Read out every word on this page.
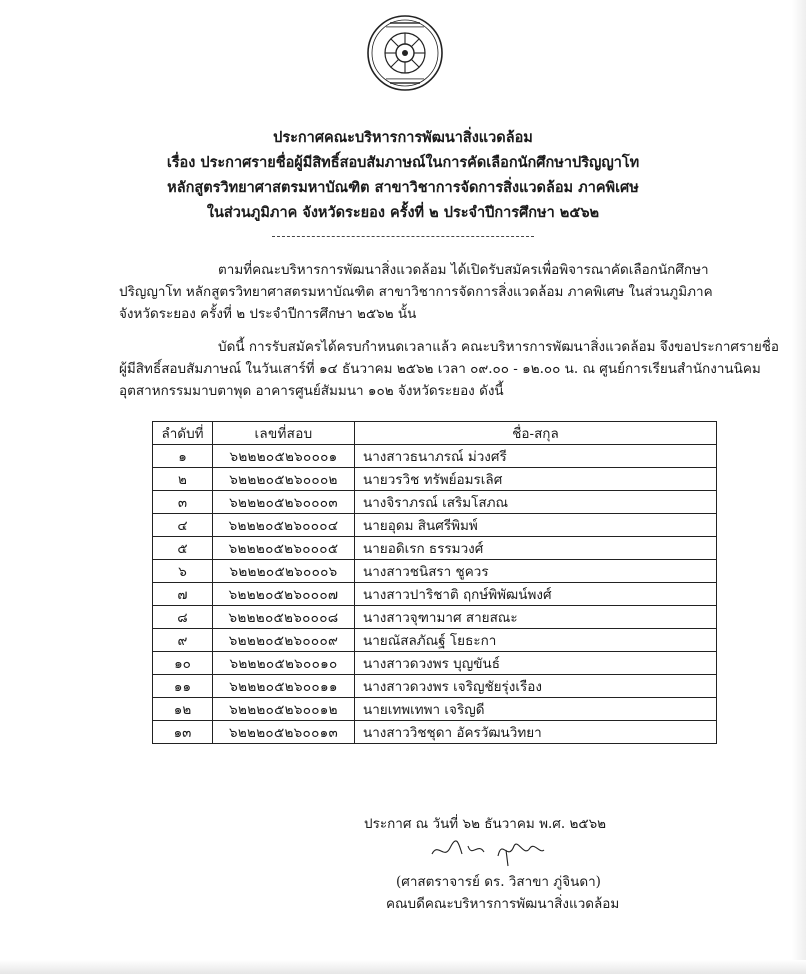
ประกาศคณะบริหารการพัฒนาสิ่งแวดล้อม
เรื่อง ประกาศรายชื่อผู้มีสิทธิ์สอบสัมภาษณ์ในการคัดเลือกนักศึกษาปริญญาโท
หลักสูตรวิทยาศาสตรมหาบัณฑิต สาขาวิชาการจัดการสิ่งแวดล้อม ภาคพิเศษ
ในส่วนภูมิภาค จังหวัดระยอง ครั้งที่ ๒ ประจำปีการศึกษา ๒๕๖๒
ตามที่คณะบริหารการพัฒนาสิ่งแวดล้อม ได้เปิดรับสมัครเพื่อพิจารณาคัดเลือกนักศึกษา
ปริญญาโท หลักสูตรวิทยาศาสตรมหาบัณฑิต สาขาวิชาการจัดการสิ่งแวดล้อม ภาคพิเศษ ในส่วนภูมิภาค
จังหวัดระยอง ครั้งที่ ๒ ประจำปีการศึกษา ๒๕๖๒ นั้น
บัดนี้ การรับสมัครได้ครบกำหนดเวลาแล้ว คณะบริหารการพัฒนาสิ่งแวดล้อม จึงขอประกาศรายชื่อ
ผู้มีสิทธิ์สอบสัมภาษณ์ ในวันเสาร์ที่ ๑๔ ธันวาคม ๒๕๖๒ เวลา ๐๙.๐๐ - ๑๒.๐๐ น. ณ ศูนย์การเรียนสำนักงานนิคม
อุตสาหกรรมมาบตาพุด อาคารศูนย์สัมมนา ๑๐๒ จังหวัดระยอง ดังนี้
ลำดับที่	เลขที่สอบ	ชื่อ-สกุล
๑	๖๒๒๒๐๕๒๖๐๐๐๑	นางสาวธนาภรณ์ ม่วงศรี
๒	๖๒๒๒๐๕๒๖๐๐๐๒	นายวรวิช ทรัพย์อมรเลิศ
๓	๖๒๒๒๐๕๒๖๐๐๐๓	นางจิราภรณ์ เสริมโสภณ
๔	๖๒๒๒๐๕๒๖๐๐๐๔	นายอุดม สินศรีพิมพ์
๕	๖๒๒๒๐๕๒๖๐๐๐๕	นายอดิเรก ธรรมวงศ์
๖	๖๒๒๒๐๕๒๖๐๐๐๖	นางสาวชนิสรา ชูควร
๗	๖๒๒๒๐๕๒๖๐๐๐๗	นางสาวปาริชาติ ฤกษ์พิพัฒน์พงศ์
๘	๖๒๒๒๐๕๒๖๐๐๐๘	นางสาวจุฑามาศ สายสณะ
๙	๖๒๒๒๐๕๒๖๐๐๐๙	นายณัสลภัณฐ์ โยธะกา
๑๐	๖๒๒๒๐๕๒๖๐๐๑๐	นางสาวดวงพร บุญขันธ์
๑๑	๖๒๒๒๐๕๒๖๐๐๑๑	นางสาวดวงพร เจริญชัยรุ่งเรือง
๑๒	๖๒๒๒๐๕๒๖๐๐๑๒	นายเทพเทพา เจริญดี
๑๓	๖๒๒๒๐๕๒๖๐๐๑๓	นางสาววิชชุดา อัครวัฒนวิทยา
ประกาศ ณ วันที่ ๖๒ ธันวาคม พ.ศ. ๒๕๖๒
(ศาสตราจารย์ ดร. วิสาขา ภู่จินดา)
คณบดีคณะบริหารการพัฒนาสิ่งแวดล้อม
